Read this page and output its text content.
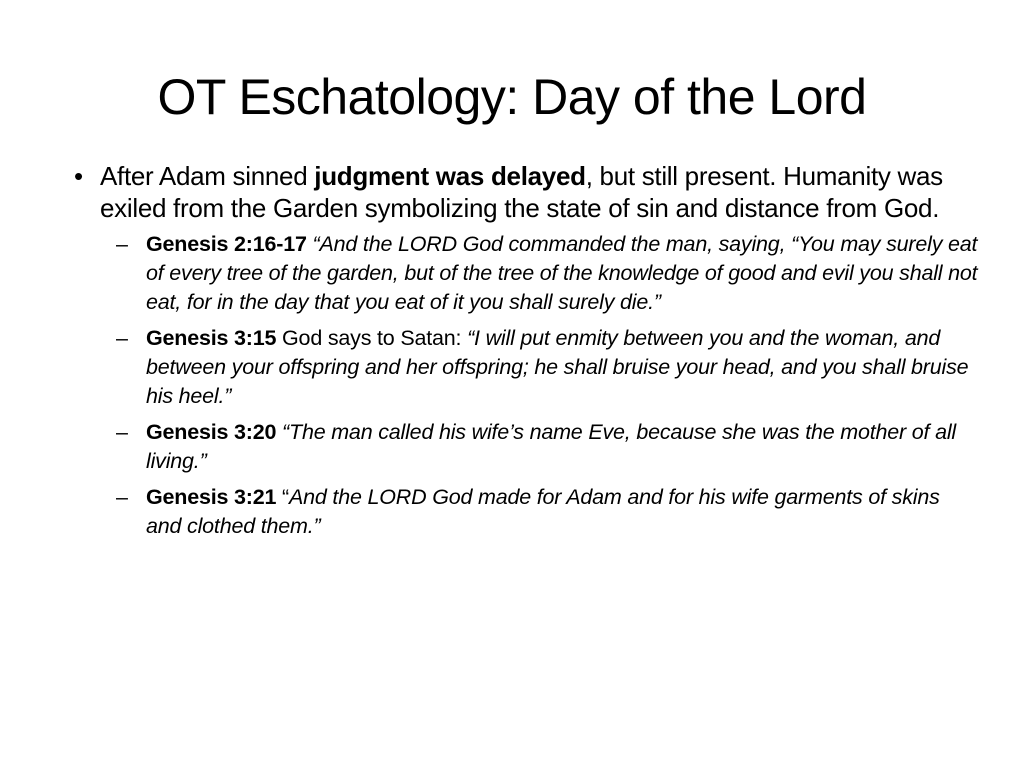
OT Eschatology: Day of the Lord
• After Adam sinned judgment was delayed, but still present. Humanity was exiled from the Garden symbolizing the state of sin and distance from God.
– Genesis 2:16-17 “And the LORD God commanded the man, saying, “You may surely eat of every tree of the garden, but of the tree of the knowledge of good and evil you shall not eat, for in the day that you eat of it you shall surely die.”
– Genesis 3:15 God says to Satan: “I will put enmity between you and the woman, and between your offspring and her offspring; he shall bruise your head, and you shall bruise his heel.”
– Genesis 3:20 “The man called his wife’s name Eve, because she was the mother of all living.”
– Genesis 3:21 “And the LORD God made for Adam and for his wife garments of skins and clothed them.”
